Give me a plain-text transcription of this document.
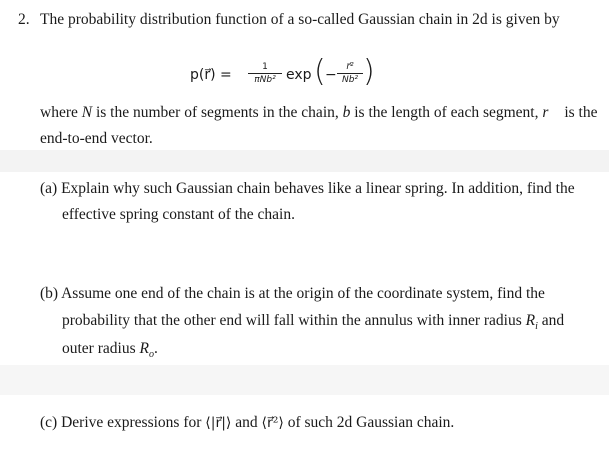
2. The probability distribution function of a so-called Gaussian chain in 2d is given by
p(r⃗) =	1
πNb² exp ( −	r⃗²
Nb² )
where N is the number of segments in the chain, b is the length of each segment, r⃗ is the
end-to-end vector.
(a) Explain why such Gaussian chain behaves like a linear spring. In addition, find the
effective spring constant of the chain.
(b) Assume one end of the chain is at the origin of the coordinate system, find the
probability that the other end will fall within the annulus with inner radius $R_i$ and
outer radius $R_o$.
(c) Derive expressions for ⟨|r⃗|⟩ and ⟨r⃗²⟩ of such 2d Gaussian chain.
